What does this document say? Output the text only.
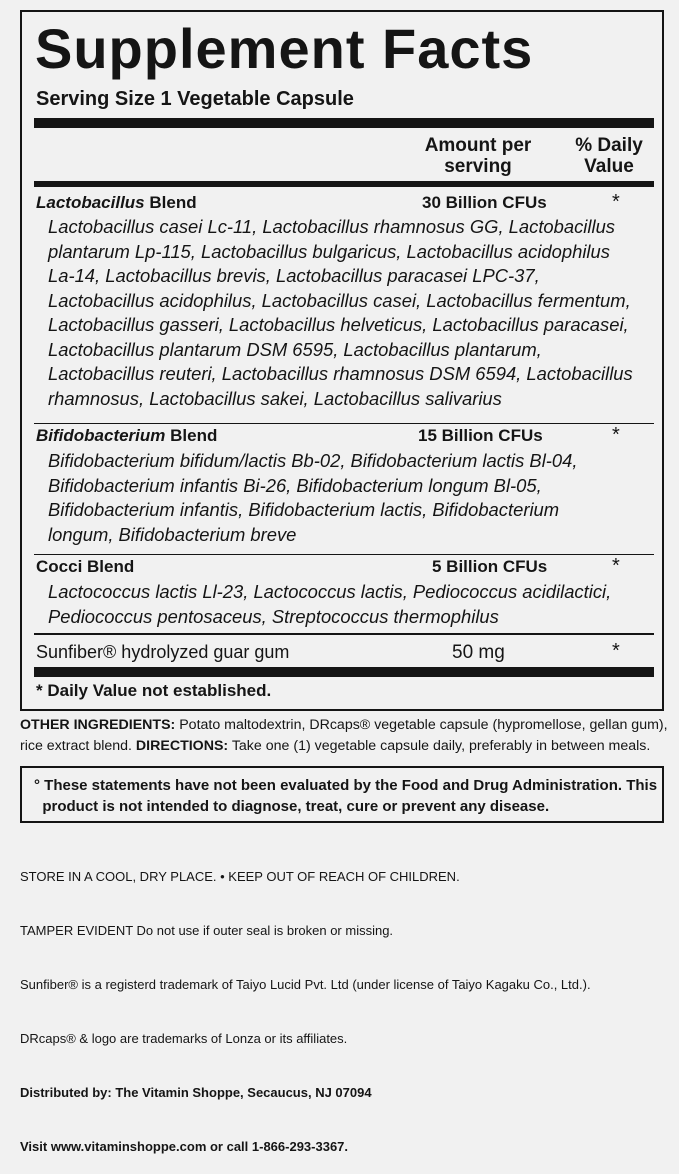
Supplement Facts
Serving Size 1 Vegetable Capsule
Amount per serving
% Daily Value
Lactobacillus Blend	30 Billion CFUs	*
Lactobacillus casei Lc-11, Lactobacillus rhamnosus GG, Lactobacillus
plantarum Lp-115, Lactobacillus bulgaricus, Lactobacillus acidophilus
La-14, Lactobacillus brevis, Lactobacillus paracasei LPC-37,
Lactobacillus acidophilus, Lactobacillus casei, Lactobacillus fermentum,
Lactobacillus gasseri, Lactobacillus helveticus, Lactobacillus paracasei,
Lactobacillus plantarum DSM 6595, Lactobacillus plantarum,
Lactobacillus reuteri, Lactobacillus rhamnosus DSM 6594, Lactobacillus
rhamnosus, Lactobacillus sakei, Lactobacillus salivarius
Bifidobacterium Blend	15 Billion CFUs	*
Bifidobacterium bifidum/lactis Bb-02, Bifidobacterium lactis Bl-04,
Bifidobacterium infantis Bi-26, Bifidobacterium longum Bl-05,
Bifidobacterium infantis, Bifidobacterium lactis, Bifidobacterium
longum, Bifidobacterium breve
Cocci Blend	5 Billion CFUs	*
Lactococcus lactis Ll-23, Lactococcus lactis, Pediococcus acidilactici,
Pediococcus pentosaceus, Streptococcus thermophilus
Sunfiber® hydrolyzed guar gum	50 mg	*
* Daily Value not established.
OTHER INGREDIENTS: Potato maltodextrin, DRcaps® vegetable capsule (hypromellose, gellan gum), rice extract blend. DIRECTIONS: Take one (1) vegetable capsule daily, preferably in between meals.
° These statements have not been evaluated by the Food and Drug Administration. This
product is not intended to diagnose, treat, cure or prevent any disease.

STORE IN A COOL, DRY PLACE. • KEEP OUT OF REACH OF CHILDREN.

TAMPER EVIDENT Do not use if outer seal is broken or missing.

Sunfiber® is a registerd trademark of Taiyo Lucid Pvt. Ltd (under license of Taiyo Kagaku Co., Ltd.).

DRcaps® & logo are trademarks of Lonza or its affiliates.

Distributed by: The Vitamin Shoppe, Secaucus, NJ 07094

Visit www.vitaminshoppe.com or call 1-866-293-3367.
